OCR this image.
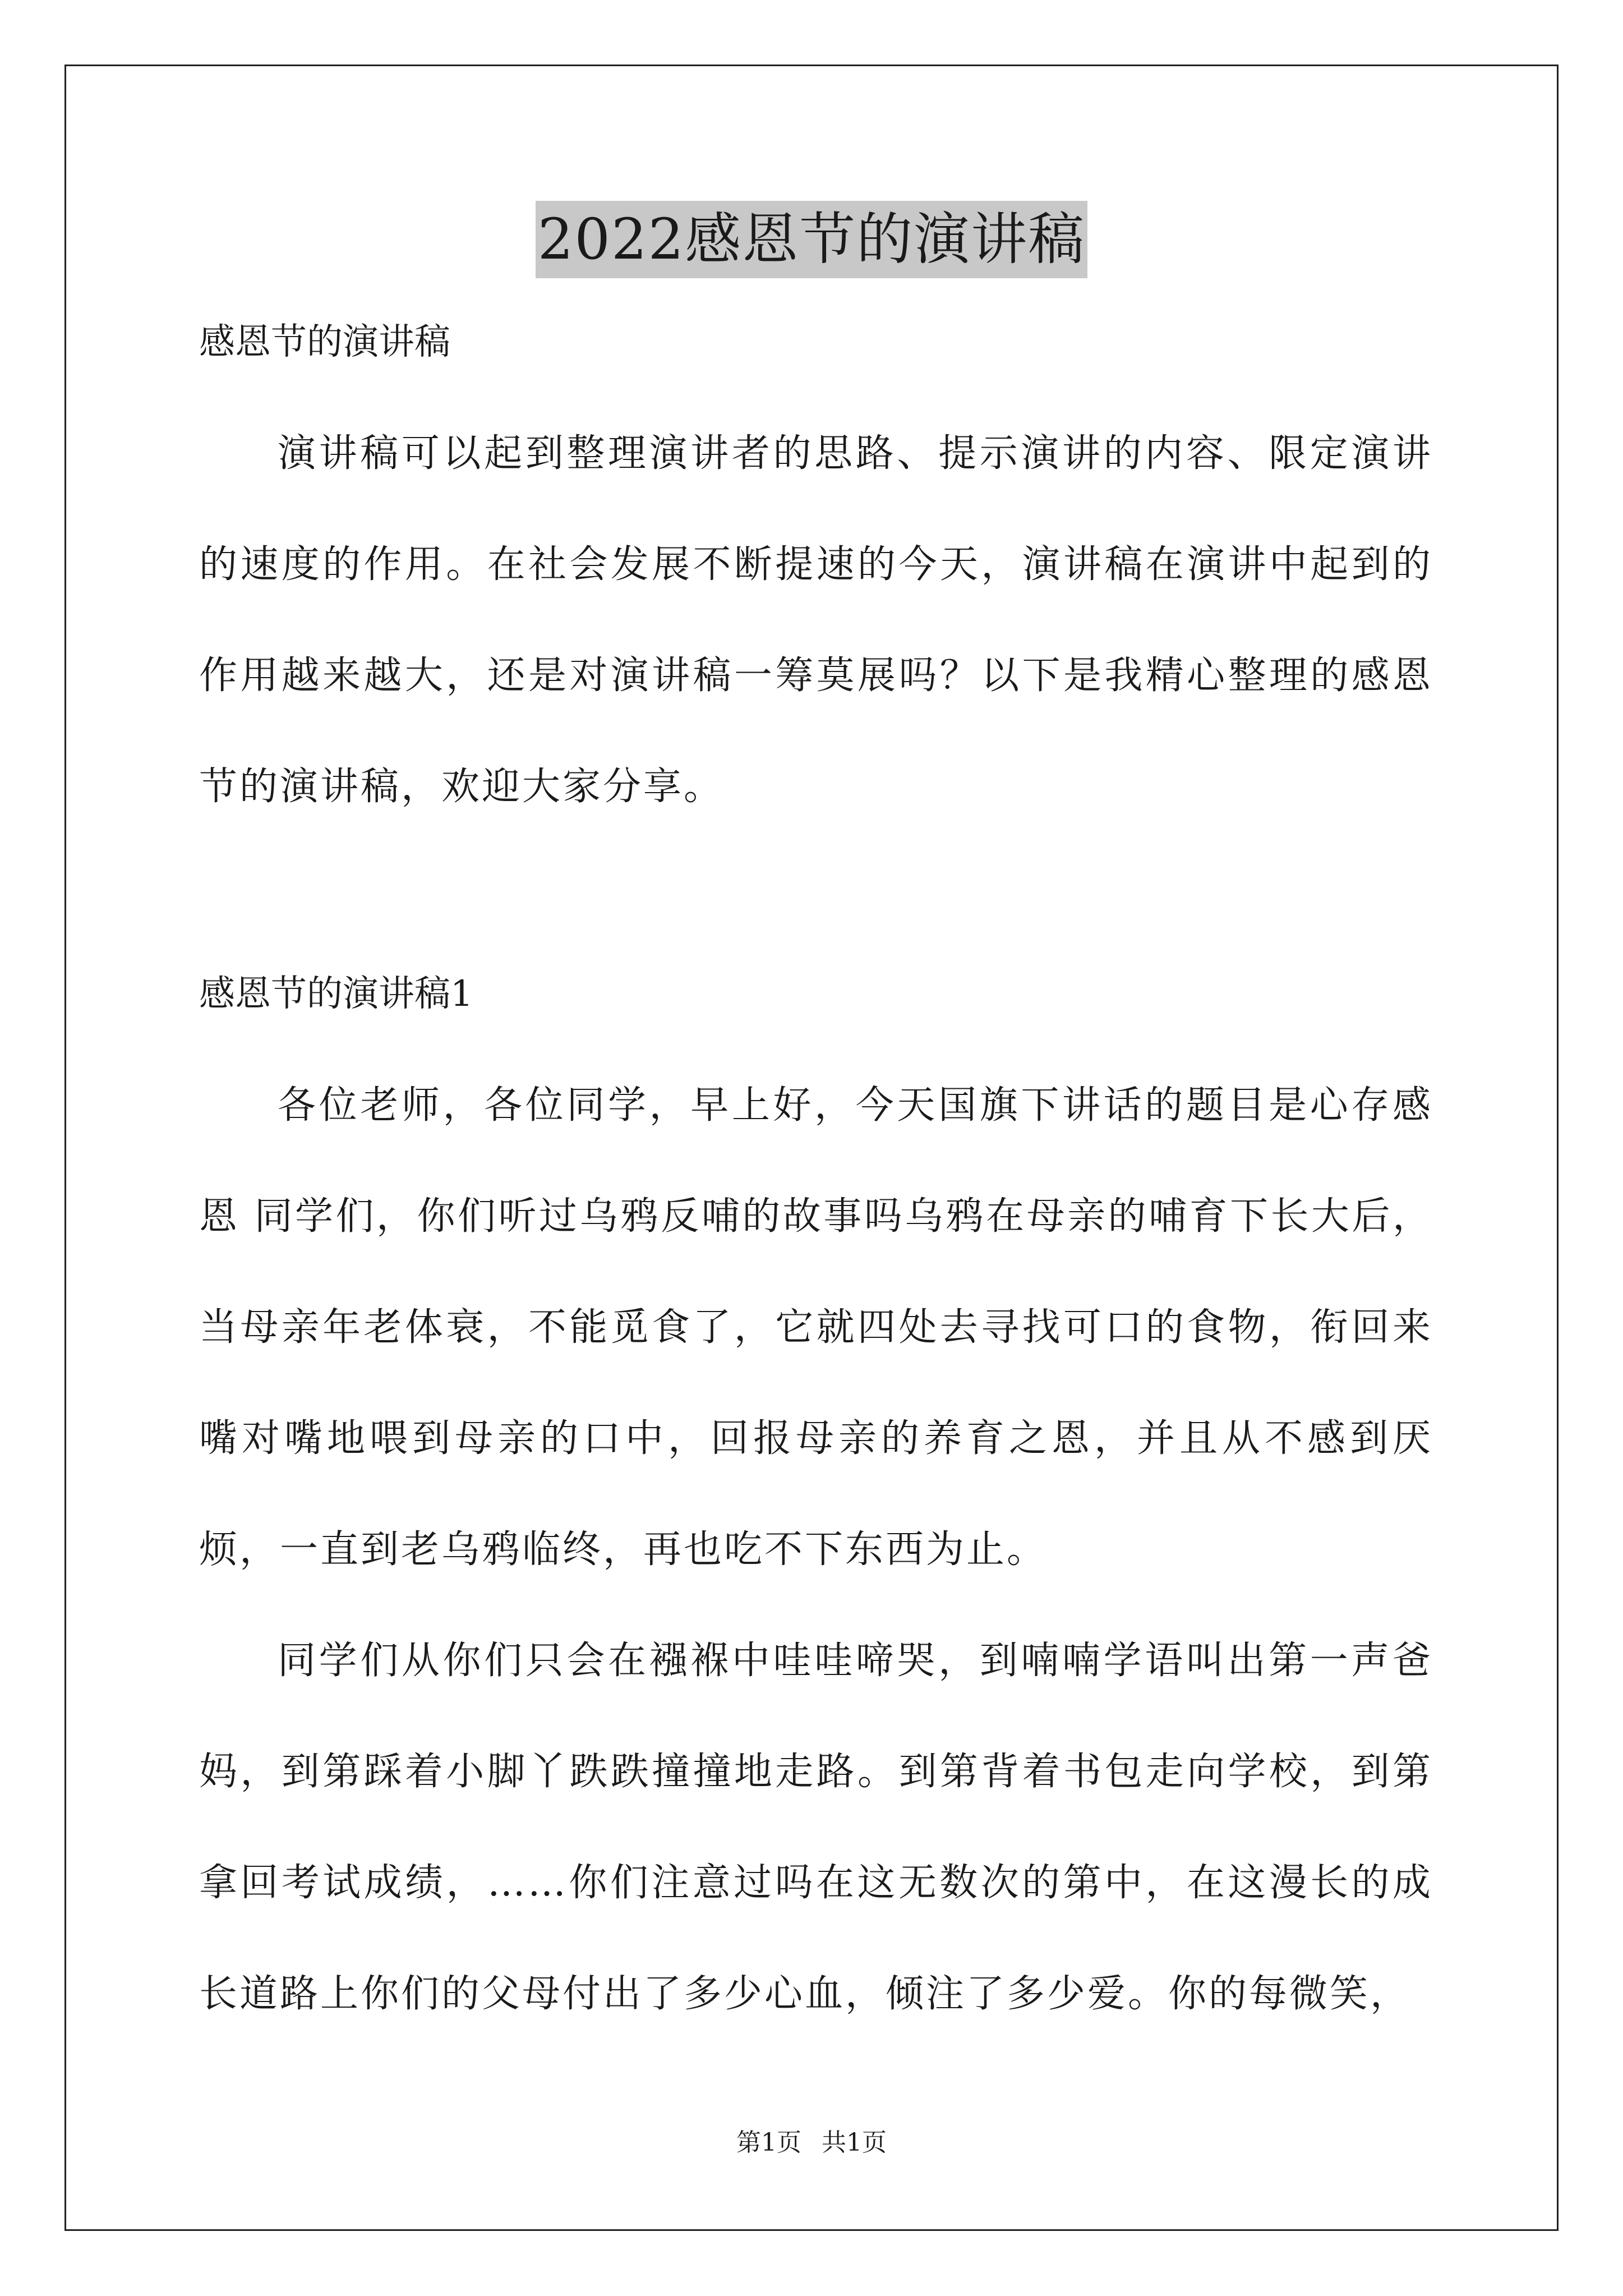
2022感恩节的演讲稿

感恩节的演讲稿

演讲稿可以起到整理演讲者的思路、提示演讲的内容、限定演讲的速度的作用。在社会发展不断提速的今天，演讲稿在演讲中起到的作用越来越大，还是对演讲稿一筹莫展吗？以下是我精心整理的感恩节的演讲稿，欢迎大家分享。

感恩节的演讲稿1

各位老师，各位同学，早上好，今天国旗下讲话的题目是心存感恩 同学们，你们听过乌鸦反哺的故事吗乌鸦在母亲的哺育下长大后，当母亲年老体衰，不能觅食了，它就四处去寻找可口的食物，衔回来嘴对嘴地喂到母亲的口中，回报母亲的养育之恩，并且从不感到厌烦，一直到老乌鸦临终，再也吃不下东西为止。

同学们从你们只会在襁褓中哇哇啼哭，到喃喃学语叫出第一声爸妈，到第踩着小脚丫跌跌撞撞地走路。到第背着书包走向学校，到第拿回考试成绩，……你们注意过吗在这无数次的第中，在这漫长的成长道路上你们的父母付出了多少心血，倾注了多少爱。你的每微笑，

第1页 共1页
